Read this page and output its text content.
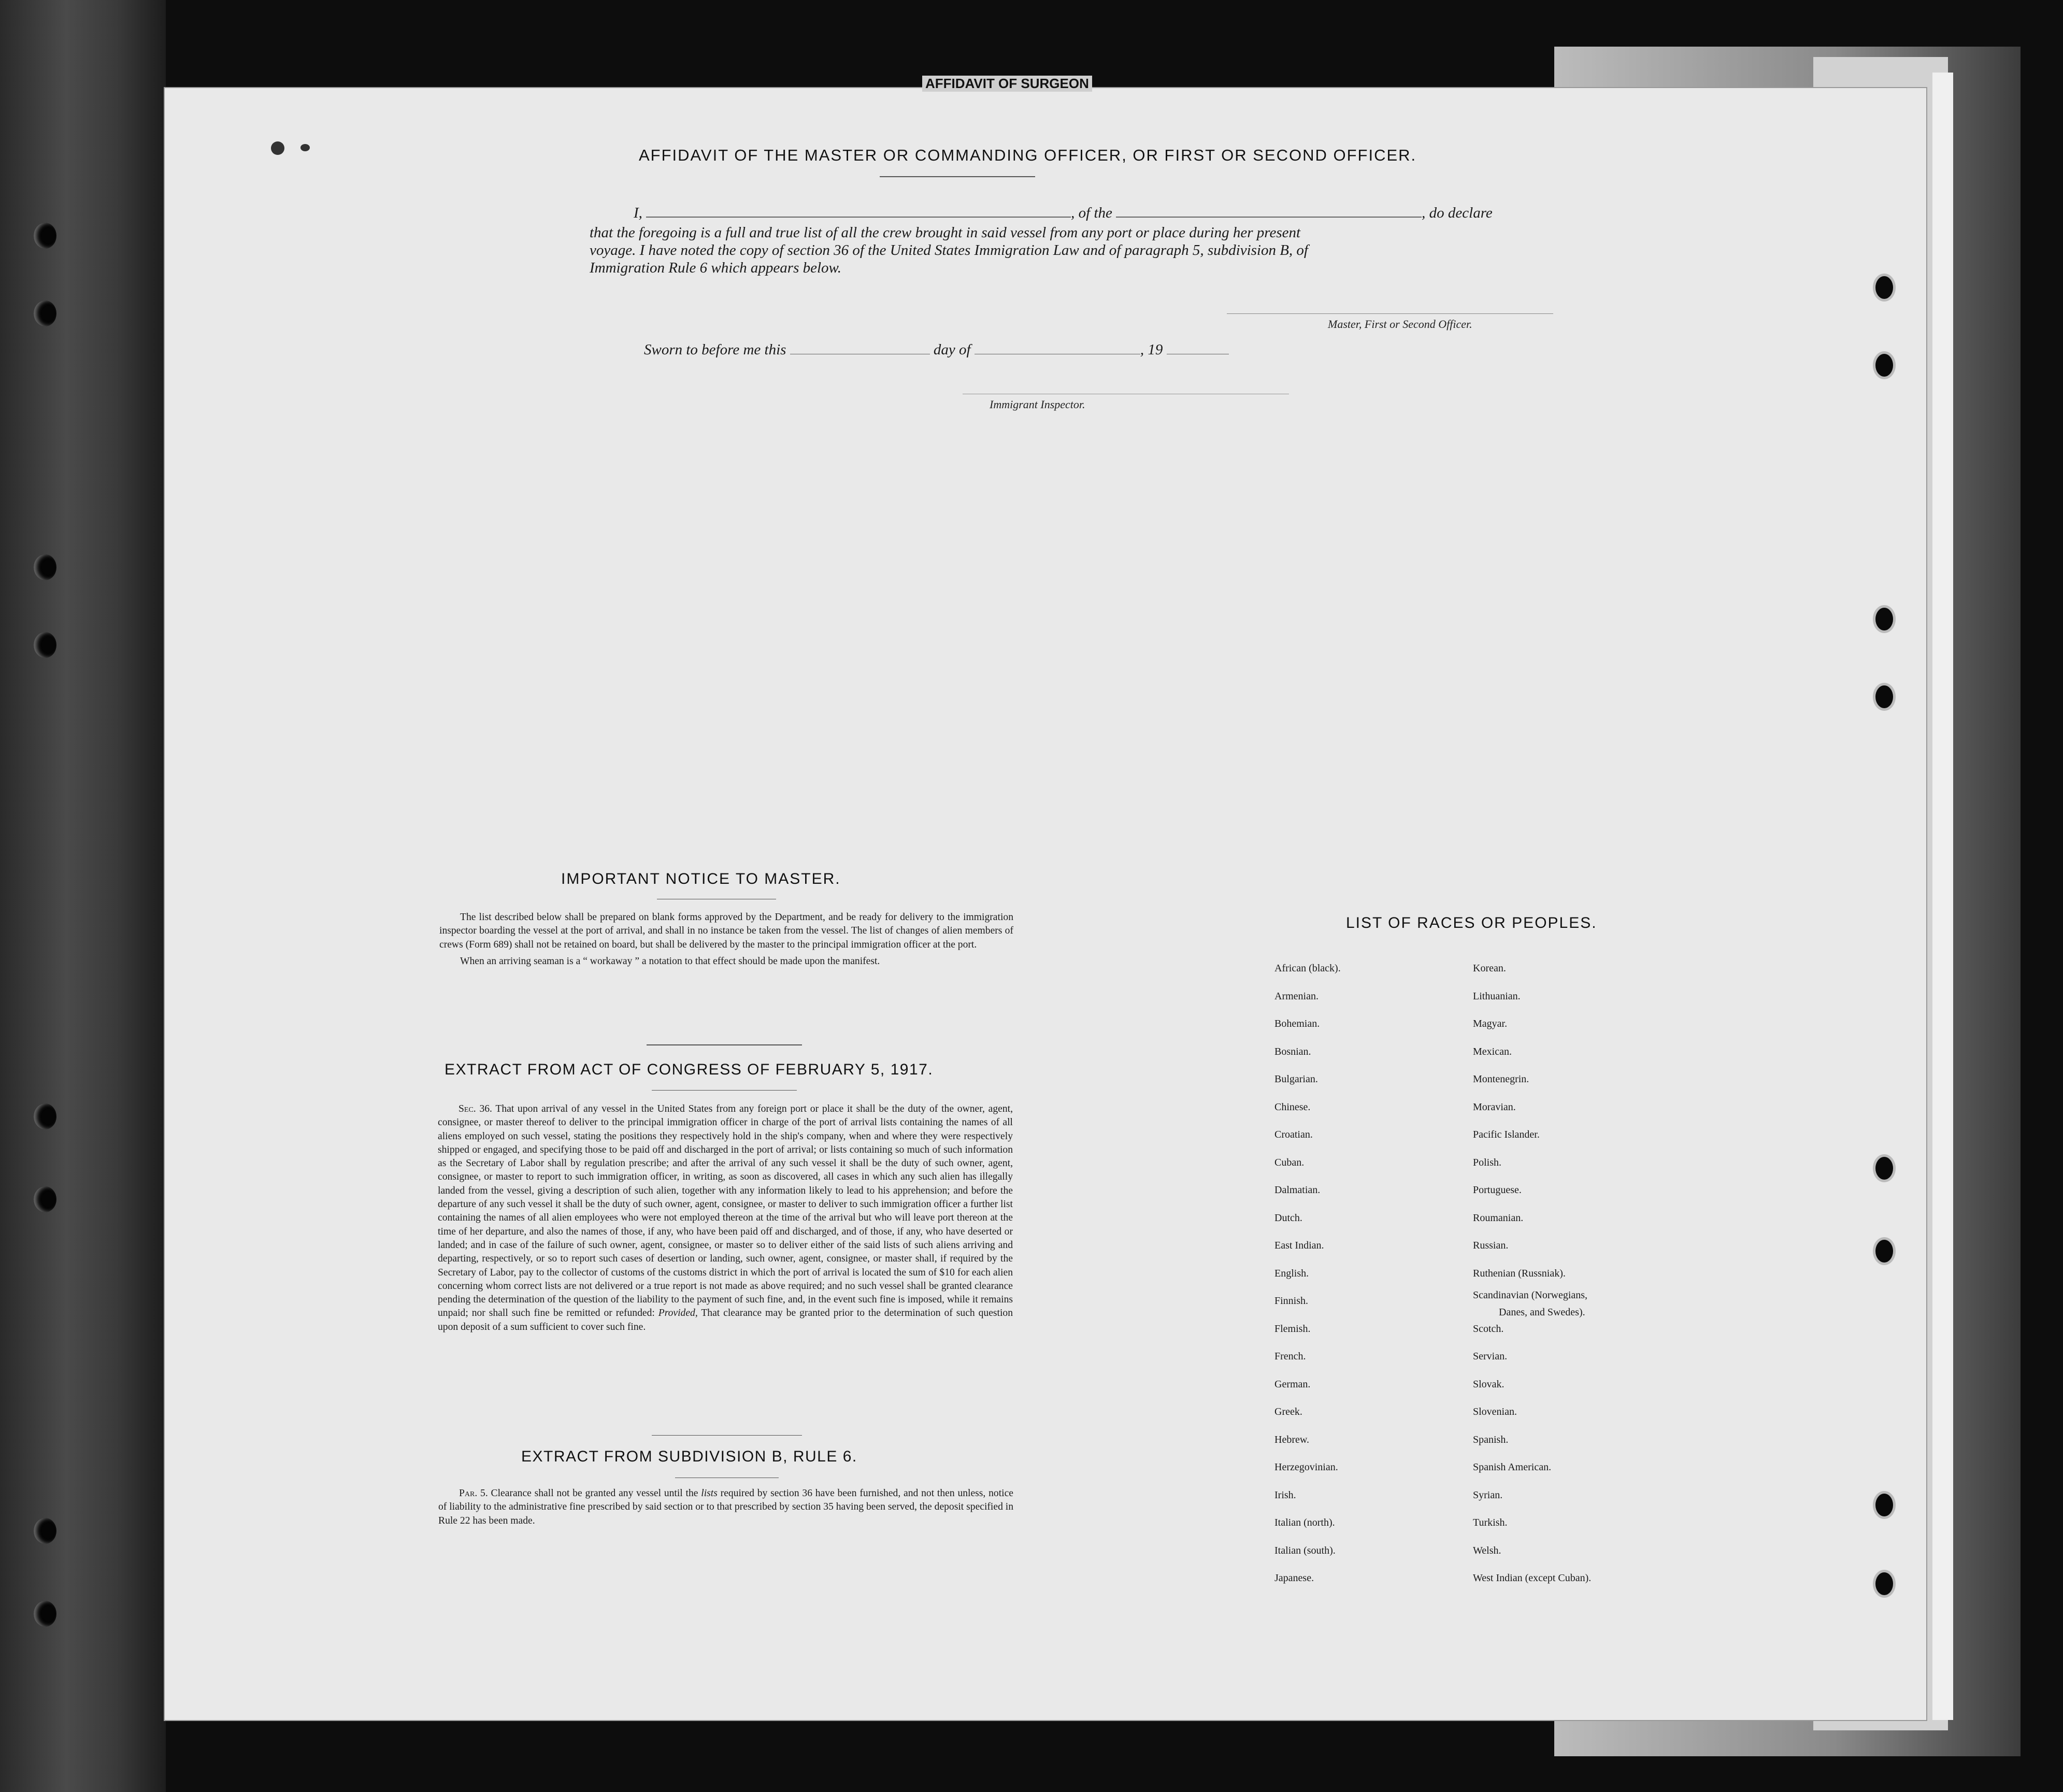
AFFIDAVIT OF THE MASTER OR COMMANDING OFFICER, OR FIRST OR SECOND OFFICER.
I,	, of the	, do declare
that the foregoing is a full and true list of all the crew brought in said vessel from any port or place during her present
voyage. I have noted the copy of section 36 of the United States Immigration Law and of paragraph 5, subdivision B, of
Immigration Rule 6 which appears below.
Master, First or Second Officer.
Sworn to before me this	day of	, 19
Immigrant Inspector.
IMPORTANT NOTICE TO MASTER.

The list described below shall be prepared on blank forms approved by the Department, and be ready for delivery to the immigration inspector boarding the vessel at the port of arrival, and shall in no instance be taken from the vessel. The list of changes of alien members of crews (Form 689) shall not be retained on board, but shall be delivered by the master to the principal immigration officer at the port.

When an arriving seaman is a “ workaway ” a notation to that effect should be made upon the manifest.

EXTRACT FROM ACT OF CONGRESS OF FEBRUARY 5, 1917.

Sec. 36. That upon arrival of any vessel in the United States from any foreign port or place it shall be the duty of the owner, agent, consignee, or master thereof to deliver to the principal immigration officer in charge of the port of arrival lists containing the names of all aliens employed on such vessel, stating the positions they respectively hold in the ship's company, when and where they were respectively shipped or engaged, and specifying those to be paid off and discharged in the port of arrival; or lists containing so much of such information as the Secretary of Labor shall by regulation prescribe; and after the arrival of any such vessel it shall be the duty of such owner, agent, consignee, or master to report to such immigration officer, in writing, as soon as discovered, all cases in which any such alien has illegally landed from the vessel, giving a description of such alien, together with any information likely to lead to his apprehension; and before the departure of any such vessel it shall be the duty of such owner, agent, consignee, or master to deliver to such immigration officer a further list containing the names of all alien employees who were not employed thereon at the time of the arrival but who will leave port thereon at the time of her departure, and also the names of those, if any, who have been paid off and discharged, and of those, if any, who have deserted or landed; and in case of the failure of such owner, agent, consignee, or master so to deliver either of the said lists of such aliens arriving and departing, respectively, or so to report such cases of desertion or landing, such owner, agent, consignee, or master shall, if required by the Secretary of Labor, pay to the collector of customs of the customs district in which the port of arrival is located the sum of $10 for each alien concerning whom correct lists are not delivered or a true report is not made as above required; and no such vessel shall be granted clearance pending the determination of the question of the liability to the payment of such fine, and, in the event such fine is imposed, while it remains unpaid; nor shall such fine be remitted or refunded: Provided, That clearance may be granted prior to the determination of such question upon deposit of a sum sufficient to cover such fine.

EXTRACT FROM SUBDIVISION B, RULE 6.

Par. 5. Clearance shall not be granted any vessel until the lists required by section 36 have been furnished, and not then unless, notice of liability to the administrative fine prescribed by said section or to that prescribed by section 35 having been served, the deposit specified in Rule 22 has been made.

LIST OF RACES OR PEOPLES.
African (black).
Armenian.
Bohemian.
Bosnian.
Bulgarian.
Chinese.
Croatian.
Cuban.
Dalmatian.
Dutch.
East Indian.
English.
Finnish.
Flemish.
French.
German.
Greek.
Hebrew.
Herzegovinian.
Irish.
Italian (north).
Italian (south).
Japanese.
Korean.
Lithuanian.
Magyar.
Mexican.
Montenegrin.
Moravian.
Pacific Islander.
Polish.
Portuguese.
Roumanian.
Russian.
Ruthenian (Russniak).
Scandinavian (Norwegians,
Danes, and Swedes).
Scotch.
Servian.
Slovak.
Slovenian.
Spanish.
Spanish American.
Syrian.
Turkish.
Welsh.
West Indian (except Cuban).
AFFIDAVIT OF SURGEON
